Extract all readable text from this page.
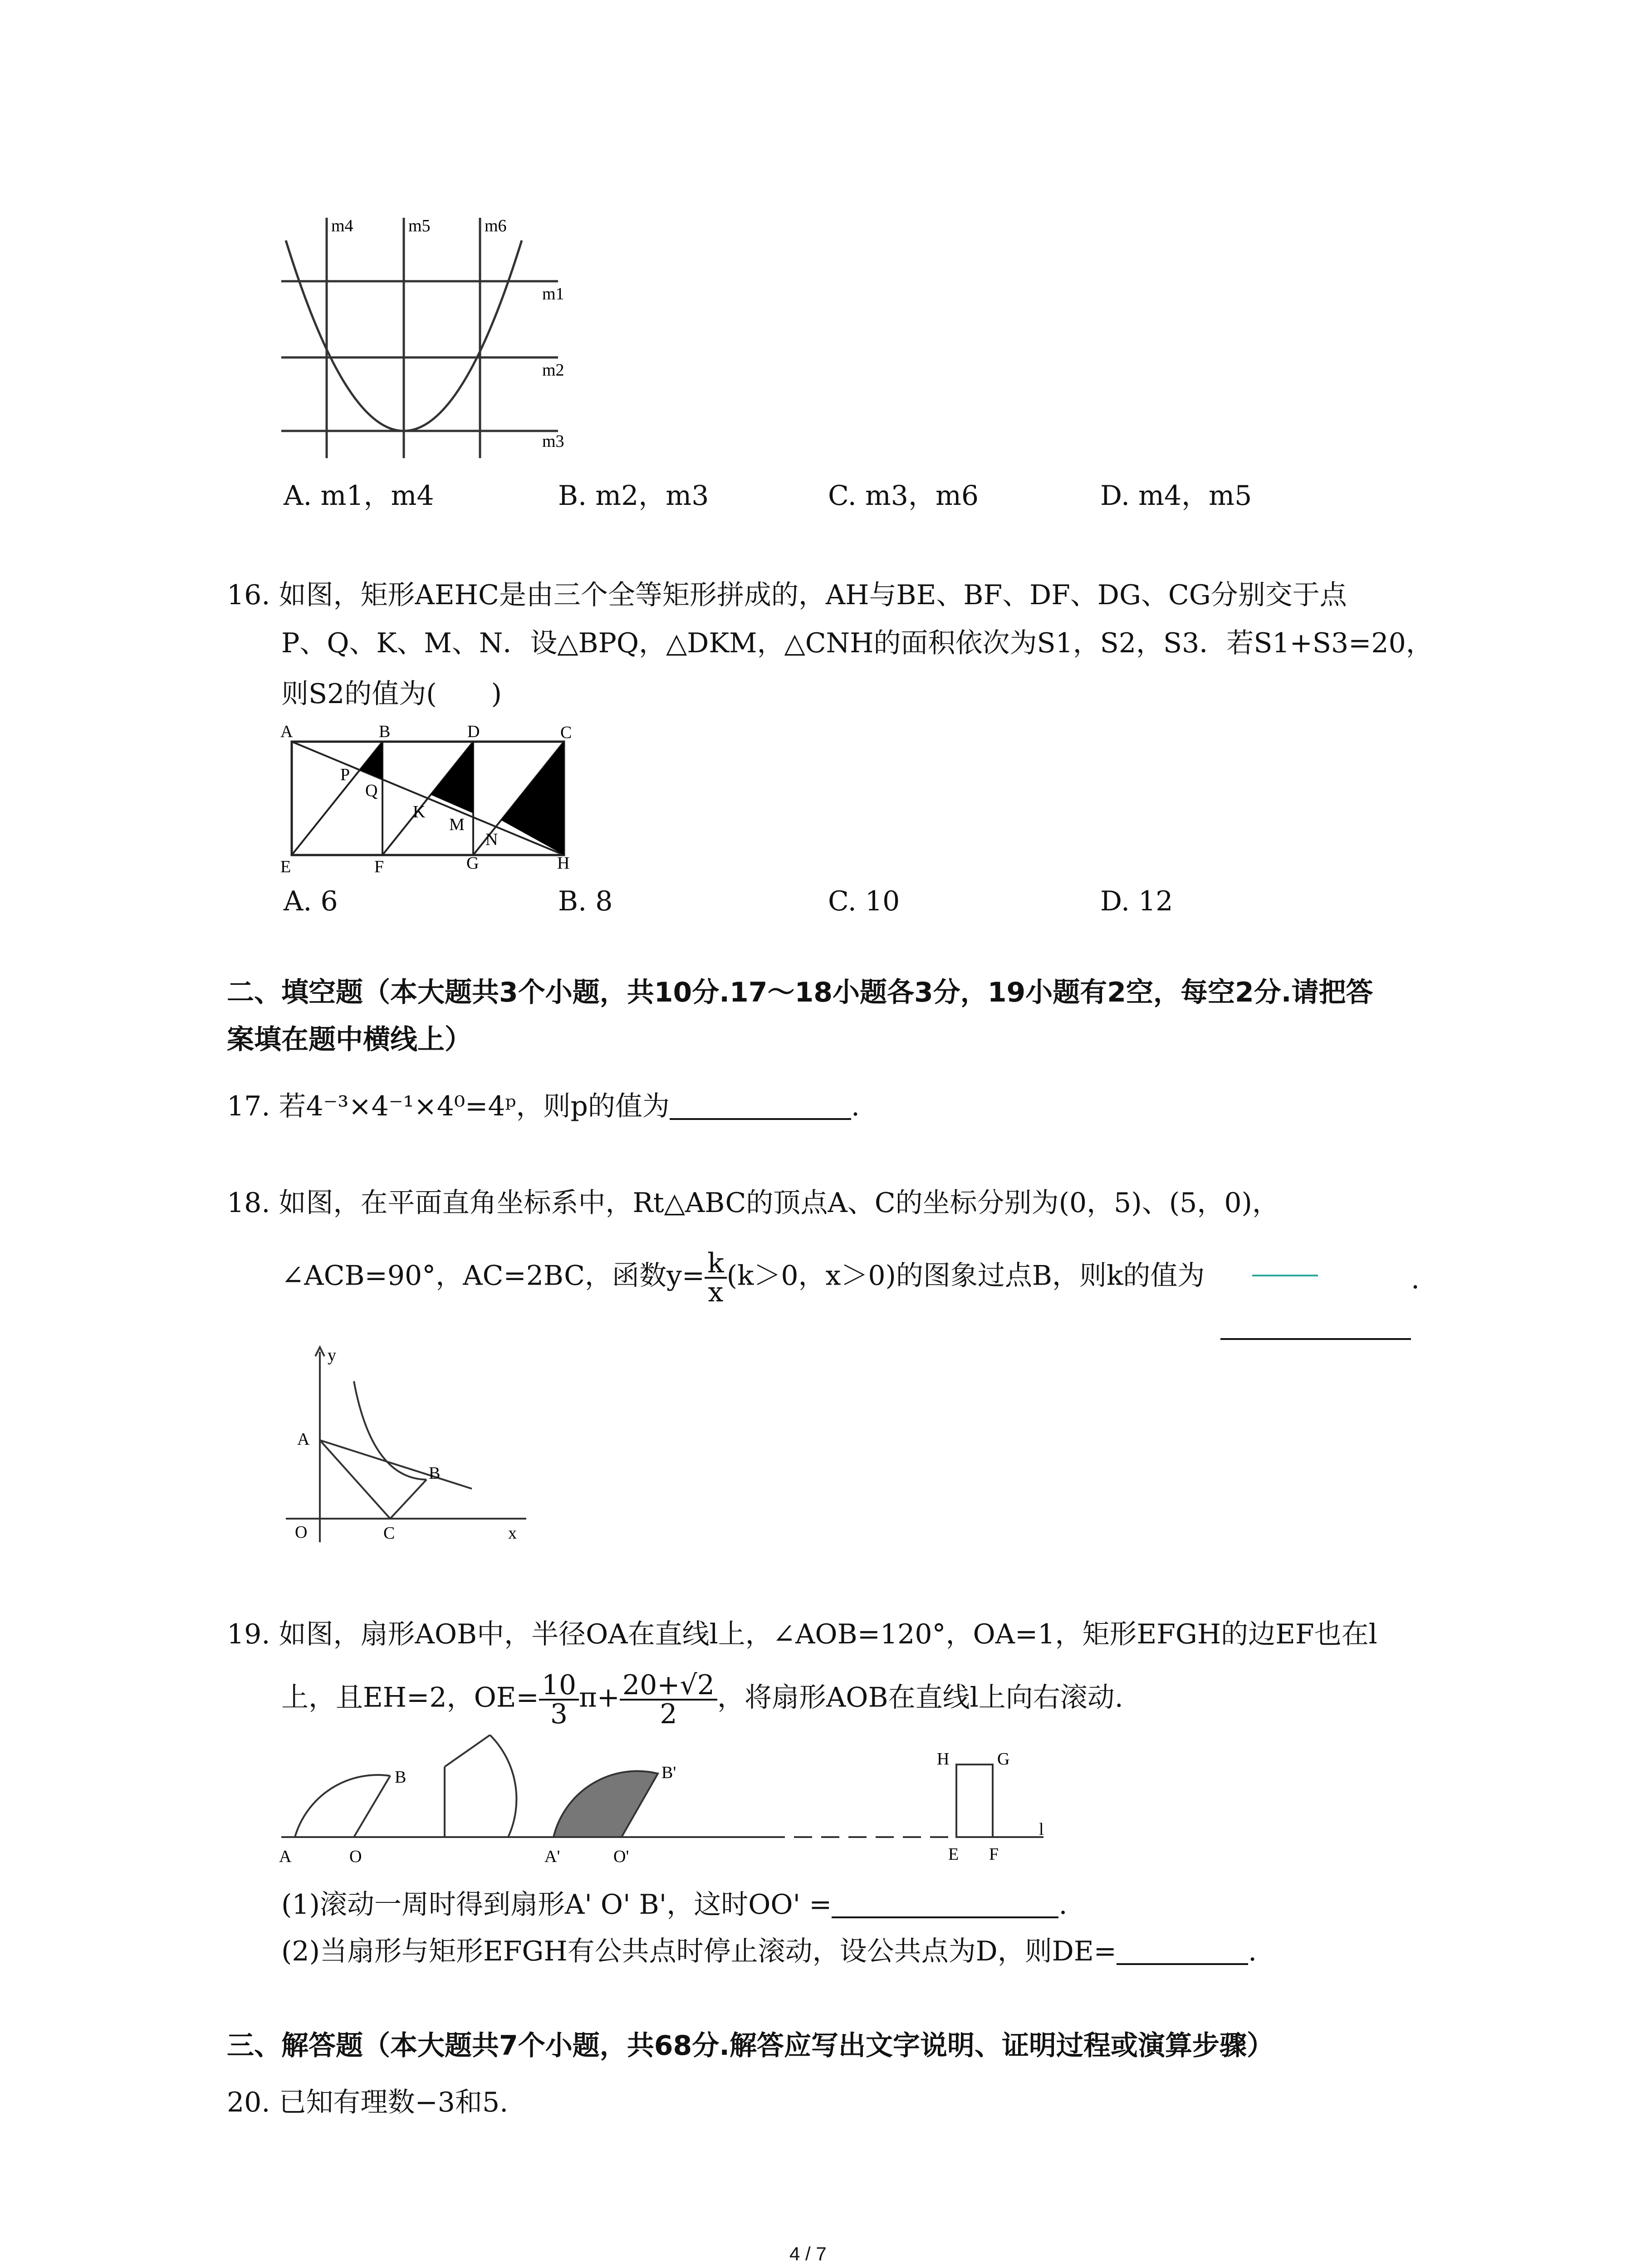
m4	m5	m6
m1
m2
m3
A. m1，m4	B. m2，m3	C. m3，m6	D. m4，m5
16. 如图，矩形AEHC是由三个全等矩形拼成的，AH与BE、BF、DF、DG、CG分别交于点
P、Q、K、M、N．设△BPQ，△DKM，△CNH的面积依次为S1，S2，S3．若S1+S3=20，
则S2的值为(　　)
A	B	D	C
P
Q
K
M
N
E	F	G	H
A. 6	B. 8	C. 10	D. 12
二、填空题（本大题共3个小题，共10分.17～18小题各3分，19小题有2空，每空2分.请把答
案填在题中横线上）
17. 若4⁻³×4⁻¹×4⁰=4ᵖ，则p的值为	.
18. 如图，在平面直角坐标系中，Rt△ABC的顶点A、C的坐标分别为(0，5)、(5，0)，
∠ACB=90°，AC=2BC，函数$y= \frac{k}{x} (k>0$，x＞0)的图象过点B，则k的值为	.
y
A
B
O	C	x
19. 如图，扇形AOB中，半径OA在直线l上，∠AOB=120°，OA=1，矩形EFGH的边EF也在l
上，且EH=2，$OE= \frac{10}{3} \pi+ \frac{20+√2}{2}$ ，将扇形AOB在直线l上向右滚动.
A	O
B	B'
A'	O'
H	G
E F
l
(1)滚动一周时得到扇形A' O' B'，这时OO' =	.
(2)当扇形与矩形EFGH有公共点时停止滚动，设公共点为D，则DE=	.
三、解答题（本大题共7个小题，共68分.解答应写出文字说明、证明过程或演算步骤）
20. 已知有理数−3和5.
4 / 7
